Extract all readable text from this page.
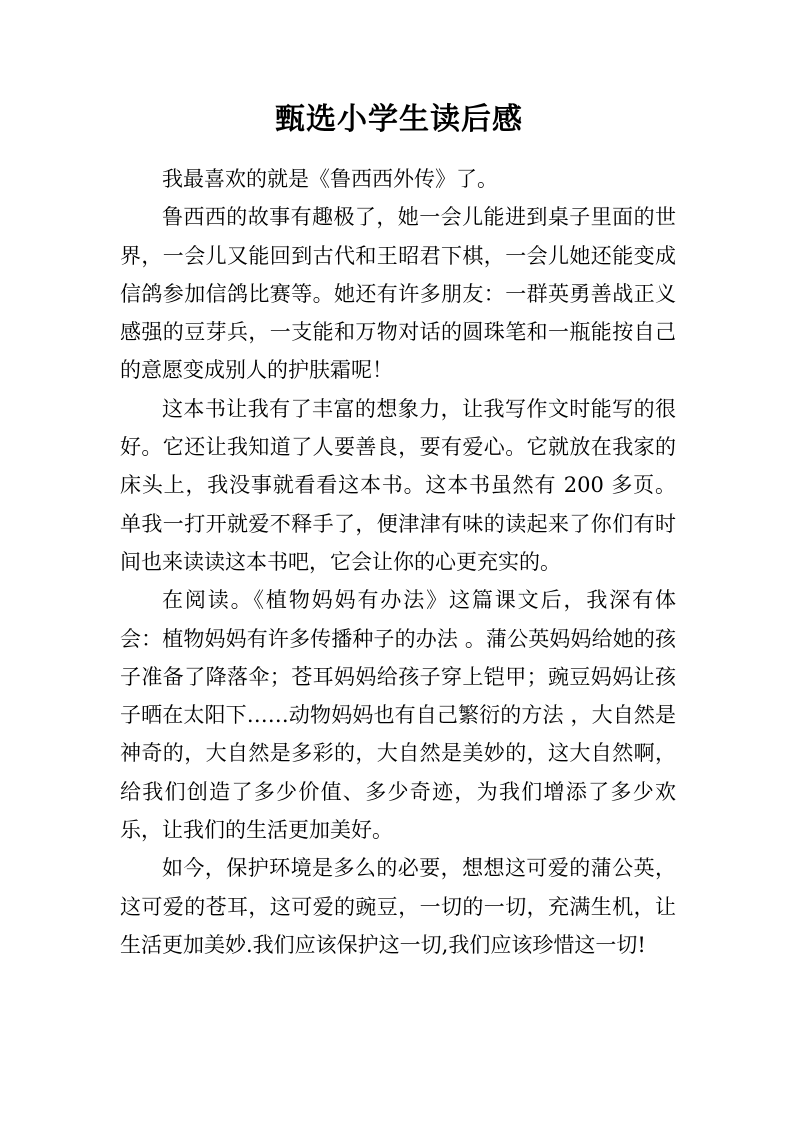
甄选小学生读后感

我最喜欢的就是《鲁西西外传》了。

鲁西西的故事有趣极了，她一会儿能进到桌子里面的世界，一会儿又能回到古代和王昭君下棋，一会儿她还能变成信鸽参加信鸽比赛等。她还有许多朋友：一群英勇善战正义感强的豆芽兵，一支能和万物对话的圆珠笔和一瓶能按自己的意愿变成别人的护肤霜呢！

这本书让我有了丰富的想象力，让我写作文时能写的很好。它还让我知道了人要善良，要有爱心。它就放在我家的床头上，我没事就看看这本书。这本书虽然有 200 多页。单我一打开就爱不释手了，便津津有味的读起来了你们有时间也来读读这本书吧，它会让你的心更充实的。

在阅读。《植物妈妈有办法》这篇课文后，我深有体会：植物妈妈有许多传播种子的办法 。蒲公英妈妈给她的孩子准备了降落伞；苍耳妈妈给孩子穿上铠甲；豌豆妈妈让孩子晒在太阳下……动物妈妈也有自己繁衍的方法 ，大自然是神奇的，大自然是多彩的，大自然是美妙的，这大自然啊，给我们创造了多少价值、多少奇迹，为我们增添了多少欢乐，让我们的生活更加美好。

如今，保护环境是多么的必要，想想这可爱的蒲公英，这可爱的苍耳，这可爱的豌豆，一切的一切，充满生机，让生活更加美妙.我们应该保护这一切,我们应该珍惜这一切!
